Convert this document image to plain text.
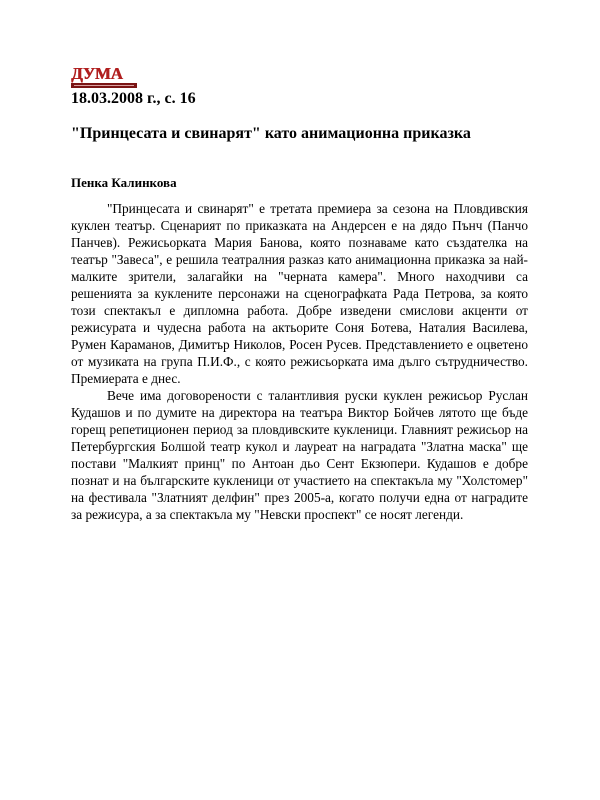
ДУМА
18.03.2008 г., с. 16
"Принцесата и свинарят" като анимационна приказка
Пенка Калинкова

"Принцесата и свинарят" е третата премиера за сезона на Пловдивския куклен театър. Сценарият по приказката на Андерсен е на дядо Пънч (Панчо Панчев). Режисьорката Мария Банова, която познаваме като създателка на театър "Завеса", е решила театралния разказ като анимационна приказка за най-малките зрители, залагайки на "черната камера". Много находчиви са решенията за куклените персонажи на сценографката Рада Петрова, за която този спектакъл е дипломна работа. Добре изведени смислови акценти от режисурата и чудесна работа на актьорите Соня Ботева, Наталия Василева, Румен Караманов, Димитър Николов, Росен Русев. Представлението е оцветено от музиката на група П.И.Ф., с която режисьорката има дълго сътрудничество. Премиерата е днес.

Вече има договорености с талантливия руски куклен режисьор Руслан Кудашов и по думите на директора на театъра Виктор Бойчев лятото ще бъде горещ репетиционен период за пловдивските кукленици. Главният режисьор на Петербургския Болшой театр кукол и лауреат на наградата "Златна маска" ще постави "Малкият принц" по Антоан дьо Сент Екзюпери. Кудашов е добре познат и на българските кукленици от участието на спектакъла му "Холстомер" на фестивала "Златният делфин" през 2005-а, когато получи една от наградите за режисура, а за спектакъла му "Невски проспект" се носят легенди.
